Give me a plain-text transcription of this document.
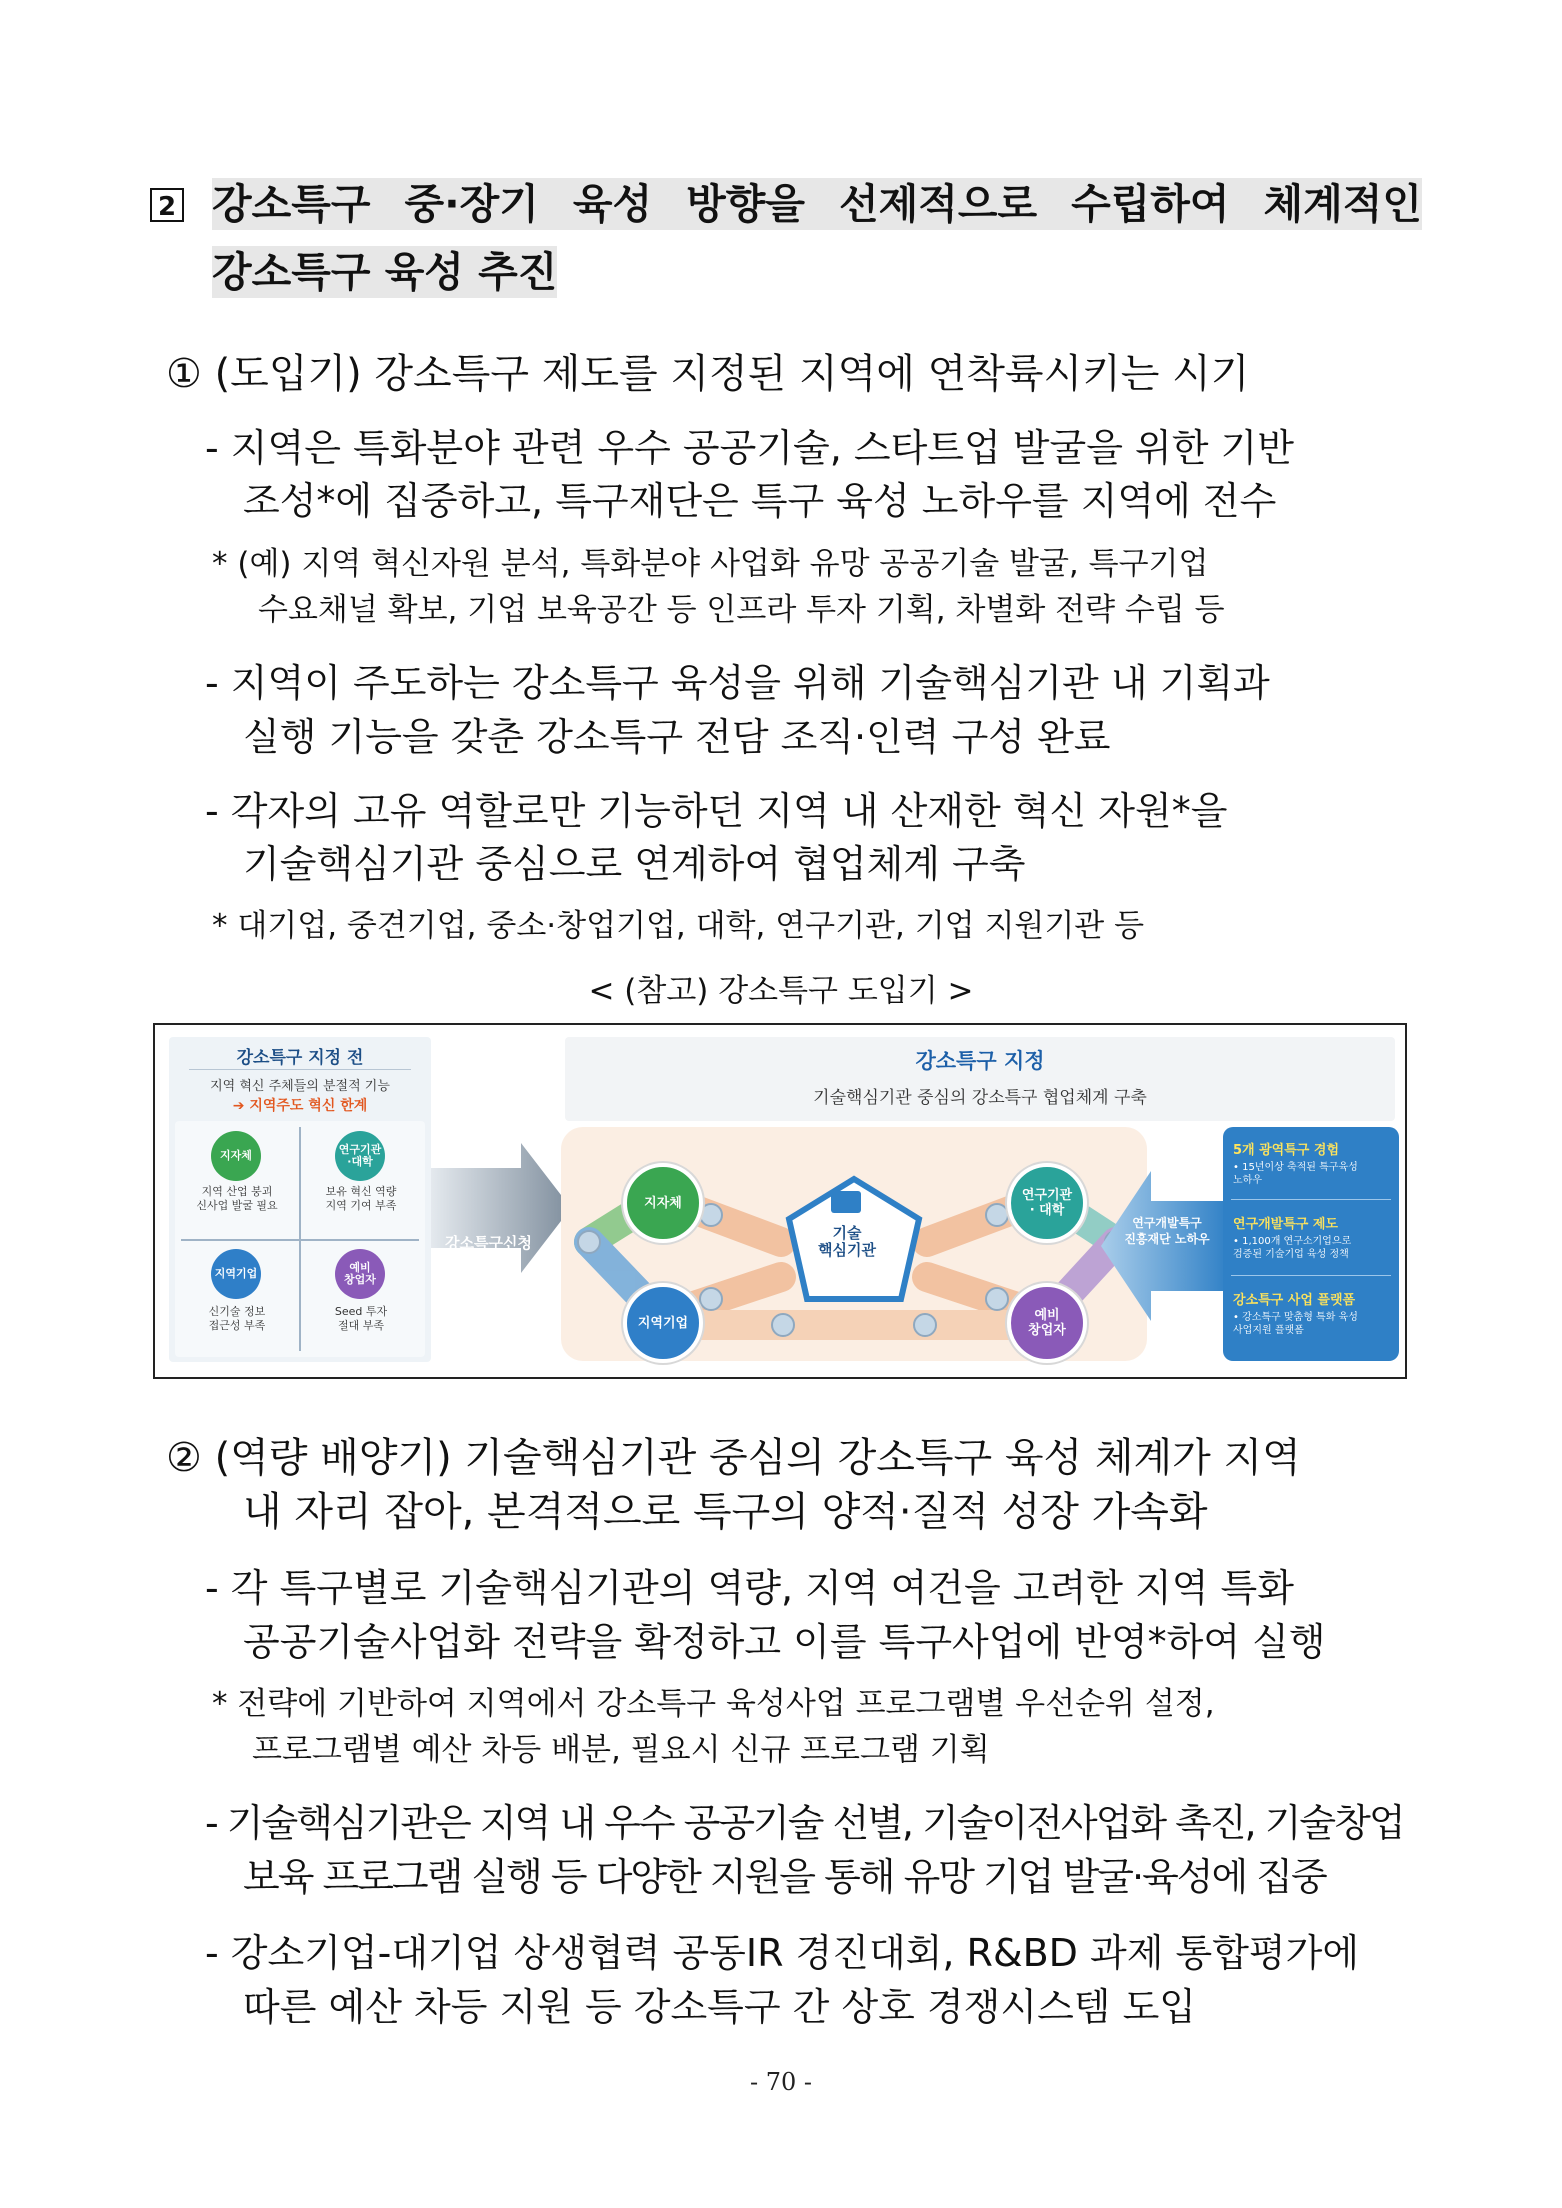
2 강소특구 중·장기 육성 방향을 선제적으로 수립하여 체계적인
강소특구 육성 추진
① (도입기) 강소특구 제도를 지정된 지역에 연착륙시키는 시기
- 지역은 특화분야 관련 우수 공공기술, 스타트업 발굴을 위한 기반
조성*에 집중하고, 특구재단은 특구 육성 노하우를 지역에 전수
* (예) 지역 혁신자원 분석, 특화분야 사업화 유망 공공기술 발굴, 특구기업
수요채널 확보, 기업 보육공간 등 인프라 투자 기획, 차별화 전략 수립 등
- 지역이 주도하는 강소특구 육성을 위해 기술핵심기관 내 기획과
실행 기능을 갖춘 강소특구 전담 조직·인력 구성 완료
- 각자의 고유 역할로만 기능하던 지역 내 산재한 혁신 자원*을
기술핵심기관 중심으로 연계하여 협업체계 구축
* 대기업, 중견기업, 중소·창업기업, 대학, 연구기관, 기업 지원기관 등
< (참고) 강소특구 도입기 >
강소특구 지정 전
지역 혁신 주체들의 분절적 기능
➔ 지역주도 혁신 한계
지자체
지역 산업 붕괴
신사업 발굴 필요
연구기관
·대학
보유 혁신 역량
지역 기여 부족
지역기업
신기술 정보
접근성 부족
예비
창업자
Seed 투자
절대 부족
강소특구신청
강소특구 지정
기술핵심기관 중심의 강소특구 협업체계 구축
기술
핵심기관
지자체	연구기관
· 대학
지역기업	예비
창업자
연구개발특구
진흥재단 노하우
5개 광역특구 경험
• 15년이상 축적된 특구육성
노하우
연구개발특구 제도
• 1,100개 연구소기업으로
검증된 기술기업 육성 정책
강소특구 사업 플랫폼
• 강소특구 맞춤형 특화 육성
사업지원 플랫폼
② (역량 배양기) 기술핵심기관 중심의 강소특구 육성 체계가 지역
내 자리 잡아, 본격적으로 특구의 양적·질적 성장 가속화
- 각 특구별로 기술핵심기관의 역량, 지역 여건을 고려한 지역 특화
공공기술사업화 전략을 확정하고 이를 특구사업에 반영*하여 실행
* 전략에 기반하여 지역에서 강소특구 육성사업 프로그램별 우선순위 설정,
프로그램별 예산 차등 배분, 필요시 신규 프로그램 기획
- 기술핵심기관은 지역 내 우수 공공기술 선별, 기술이전사업화 촉진, 기술창업
보육 프로그램 실행 등 다양한 지원을 통해 유망 기업 발굴·육성에 집중
- 강소기업-대기업 상생협력 공동IR 경진대회, R&BD 과제 통합평가에
따른 예산 차등 지원 등 강소특구 간 상호 경쟁시스템 도입
- 70 -
